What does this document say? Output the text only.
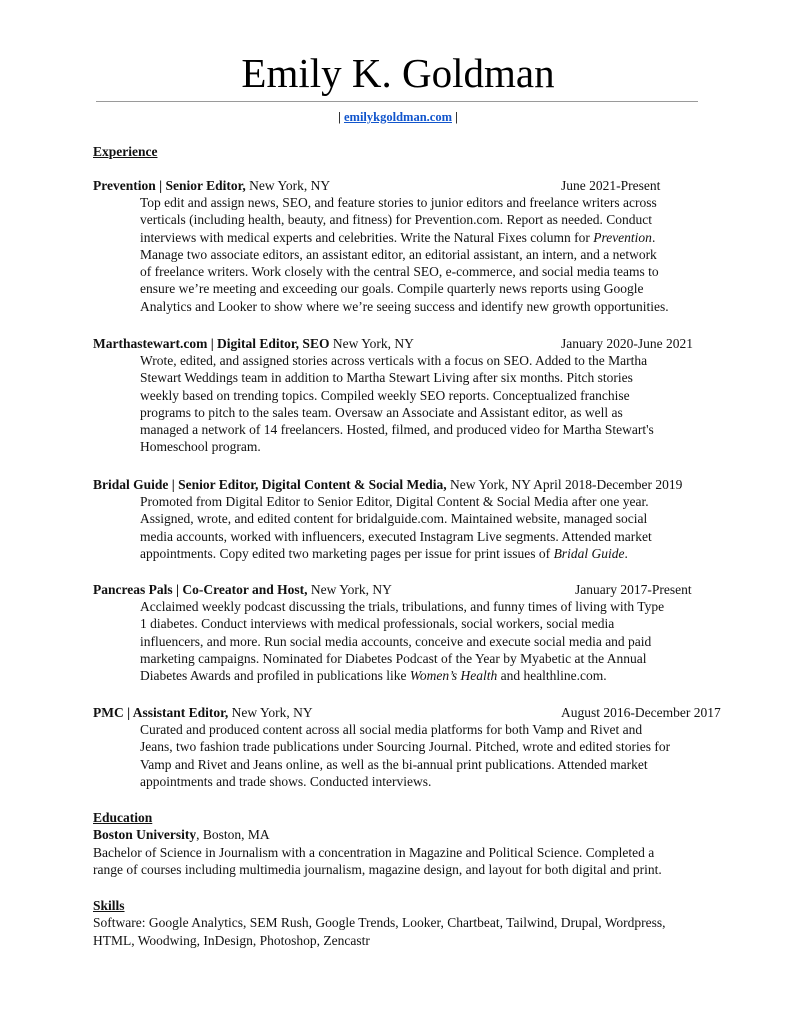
Emily K. Goldman
| emilykgoldman.com |
Experience
Prevention | Senior Editor, New York, NY	June 2021-Present

Top edit and assign news, SEO, and feature stories to junior editors and freelance writers across

verticals (including health, beauty, and fitness) for Prevention.com. Report as needed. Conduct

interviews with medical experts and celebrities. Write the Natural Fixes column for Prevention.

Manage two associate editors, an assistant editor, an editorial assistant, an intern, and a network

of freelance writers. Work closely with the central SEO, e-commerce, and social media teams to

ensure we’re meeting and exceeding our goals. Compile quarterly news reports using Google

Analytics and Looker to show where we’re seeing success and identify new growth opportunities.

Marthastewart.com | Digital Editor, SEO New York, NY	January 2020-June 2021

Wrote, edited, and assigned stories across verticals with a focus on SEO. Added to the Martha

Stewart Weddings team in addition to Martha Stewart Living after six months. Pitch stories

weekly based on trending topics. Compiled weekly SEO reports. Conceptualized franchise

programs to pitch to the sales team. Oversaw an Associate and Assistant editor, as well as

managed a network of 14 freelancers. Hosted, filmed, and produced video for Martha Stewart's

Homeschool program.

Bridal Guide | Senior Editor, Digital Content & Social Media, New York, NY April 2018-December 2019

Promoted from Digital Editor to Senior Editor, Digital Content & Social Media after one year.

Assigned, wrote, and edited content for bridalguide.com. Maintained website, managed social

media accounts, worked with influencers, executed Instagram Live segments. Attended market

appointments. Copy edited two marketing pages per issue for print issues of Bridal Guide.

Pancreas Pals | Co-Creator and Host, New York, NY	January 2017-Present

Acclaimed weekly podcast discussing the trials, tribulations, and funny times of living with Type

1 diabetes. Conduct interviews with medical professionals, social workers, social media

influencers, and more. Run social media accounts, conceive and execute social media and paid

marketing campaigns. Nominated for Diabetes Podcast of the Year by Myabetic at the Annual

Diabetes Awards and profiled in publications like Women’s Health and healthline.com.

PMC | Assistant Editor, New York, NY	August 2016-December 2017

Curated and produced content across all social media platforms for both Vamp and Rivet and

Jeans, two fashion trade publications under Sourcing Journal. Pitched, wrote and edited stories for

Vamp and Rivet and Jeans online, as well as the bi-annual print publications. Attended market

appointments and trade shows. Conducted interviews.

Education

Boston University, Boston, MA

Bachelor of Science in Journalism with a concentration in Magazine and Political Science. Completed a

range of courses including multimedia journalism, magazine design, and layout for both digital and print.

Skills

Software: Google Analytics, SEM Rush, Google Trends, Looker, Chartbeat, Tailwind, Drupal, Wordpress,

HTML, Woodwing, InDesign, Photoshop, Zencastr
